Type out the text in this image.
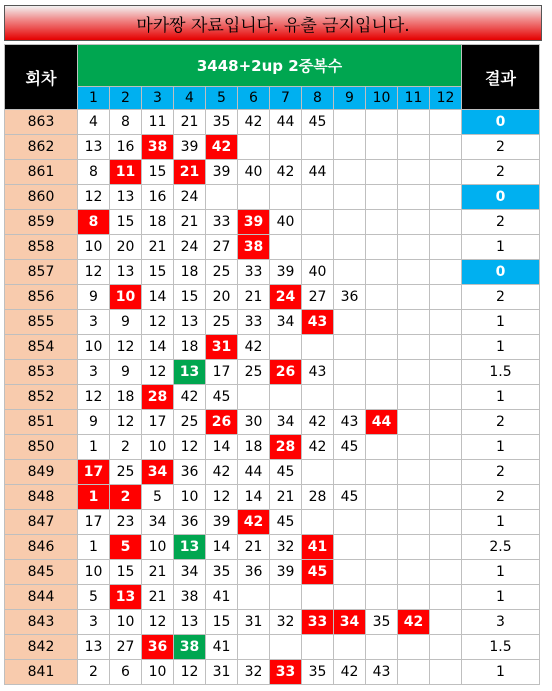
마카짱 자료입니다. 유출 금지입니다.
회차	3448+2up 2중복수												결과
	1	2	3	4	5	6	7	8	9	10	11	12	
863	4	8	11	21	35	42	44	45					0
862	13	16	38	39	42								2
861	8	11	15	21	39	40	42	44					2
860	12	13	16	24									0
859	8	15	18	21	33	39	40						2
858	10	20	21	24	27	38							1
857	12	13	15	18	25	33	39	40					0
856	9	10	14	15	20	21	24	27	36				2
855	3	9	12	13	25	33	34	43					1
854	10	12	14	18	31	42							1
853	3	9	12	13	17	25	26	43					1.5
852	12	18	28	42	45								1
851	9	12	17	25	26	30	34	42	43	44			2
850	1	2	10	12	14	18	28	42	45				1
849	17	25	34	36	42	44	45						2
848	1	2	5	10	12	14	21	28	45				2
847	17	23	34	36	39	42	45						1
846	1	5	10	13	14	21	32	41					2.5
845	10	15	21	34	35	36	39	45					1
844	5	13	21	38	41								1
843	3	10	12	13	15	31	32	33	34	35	42		3
842	13	27	36	38	41								1.5
841	2	6	10	12	31	32	33	35	42	43			1
